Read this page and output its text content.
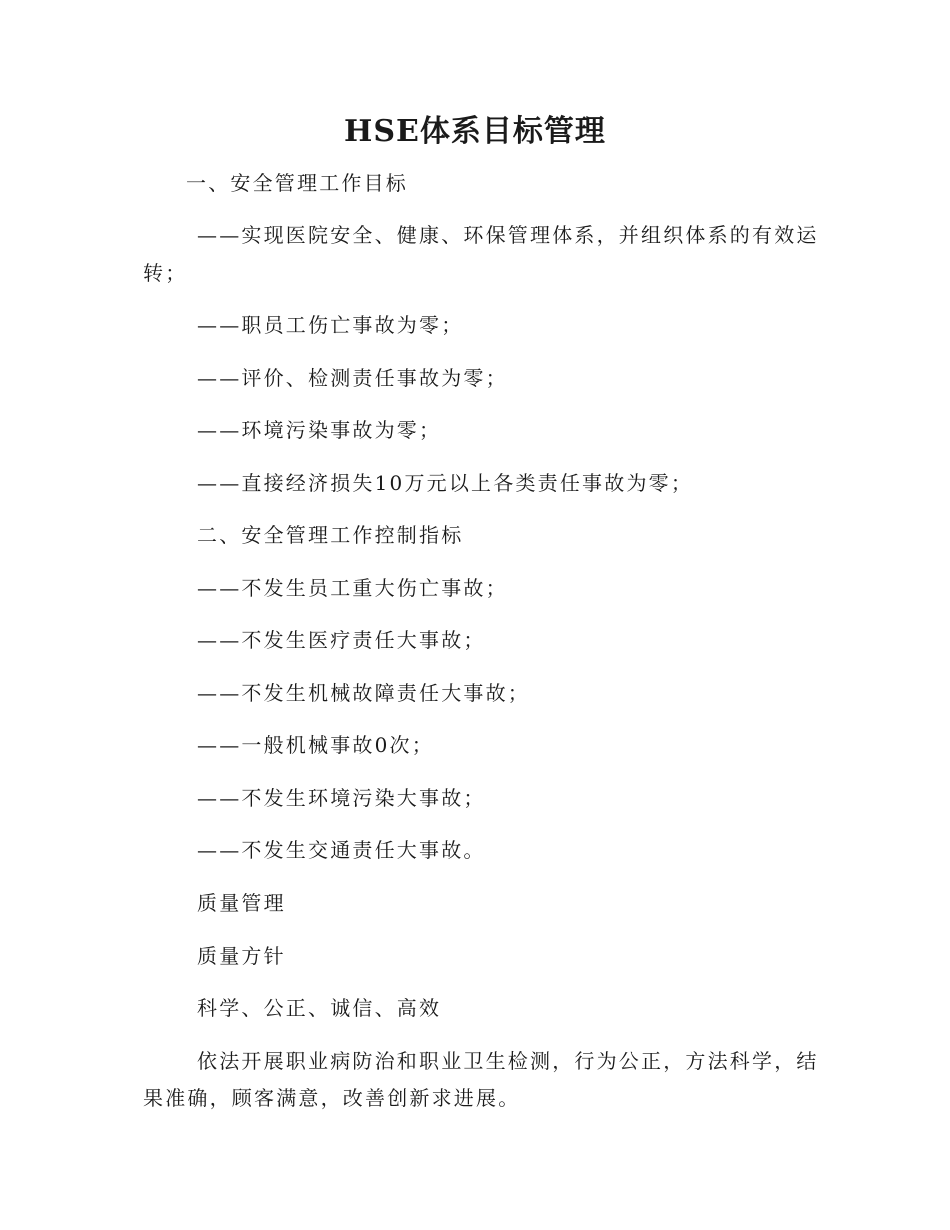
HSE体系目标管理
一、安全管理工作目标
——实现医院安全、健康、环保管理体系，并组织体系的有效运
转；
——职员工伤亡事故为零；
——评价、检测责任事故为零；
——环境污染事故为零；
——直接经济损失10万元以上各类责任事故为零；
二、安全管理工作控制指标
——不发生员工重大伤亡事故；
——不发生医疗责任大事故；
——不发生机械故障责任大事故；
——一般机械事故0次；
——不发生环境污染大事故；
——不发生交通责任大事故。
质量管理
质量方针
科学、公正、诚信、高效
依法开展职业病防治和职业卫生检测，行为公正，方法科学，结
果准确，顾客满意，改善创新求进展。
